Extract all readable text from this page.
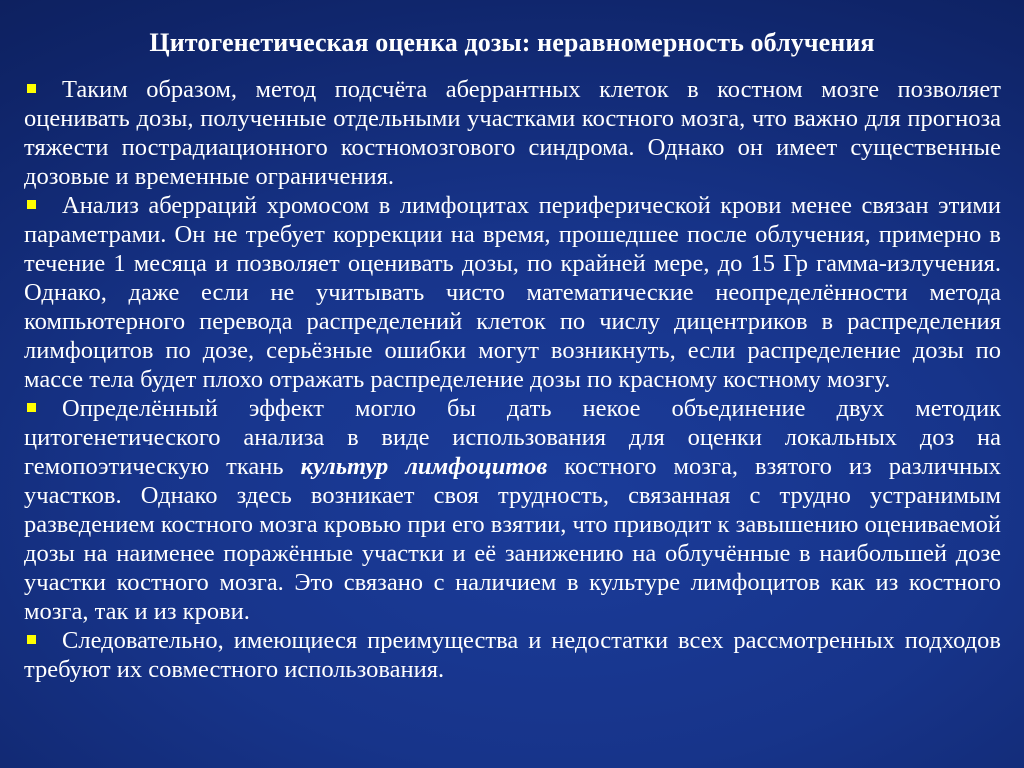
Цитогенетическая оценка дозы: неравномерность облучения

Таким образом, метод подсчёта аберрантных клеток в костном мозге позволяет оценивать дозы, полученные отдельными участками костного мозга, что важно для прогноза тяжести пострадиационного костномозгового синдрома. Однако он имеет существенные дозовые и временные ограничения.

Анализ аберраций хромосом в лимфоцитах периферической крови менее связан этими параметрами. Он не требует коррекции на время, прошедшее после облучения, примерно в течение 1 месяца и позволяет оценивать дозы, по крайней мере, до 15 Гр гамма-излучения. Однако, даже если не учитывать чисто математические неопределённости метода компьютерного перевода распределений клеток по числу дицентриков в распределения лимфоцитов по дозе, серьёзные ошибки могут возникнуть, если распределение дозы по массе тела будет плохо отражать распределение дозы по красному костному мозгу.

Определённый эффект могло бы дать некое объединение двух методик цитогенетического анализа в виде использования для оценки локальных доз на гемопоэтическую ткань культур лимфоцитов костного мозга, взятого из различных участков. Однако здесь возникает своя трудность, связанная с трудно устранимым разведением костного мозга кровью при его взятии, что приводит к завышению оцениваемой дозы на наименее поражённые участки и её занижению на облучённые в наибольшей дозе участки костного мозга. Это связано с наличием в культуре лимфоцитов как из костного мозга, так и из крови.

Следовательно, имеющиеся преимущества и недостатки всех рассмотренных подходов требуют их совместного использования.
